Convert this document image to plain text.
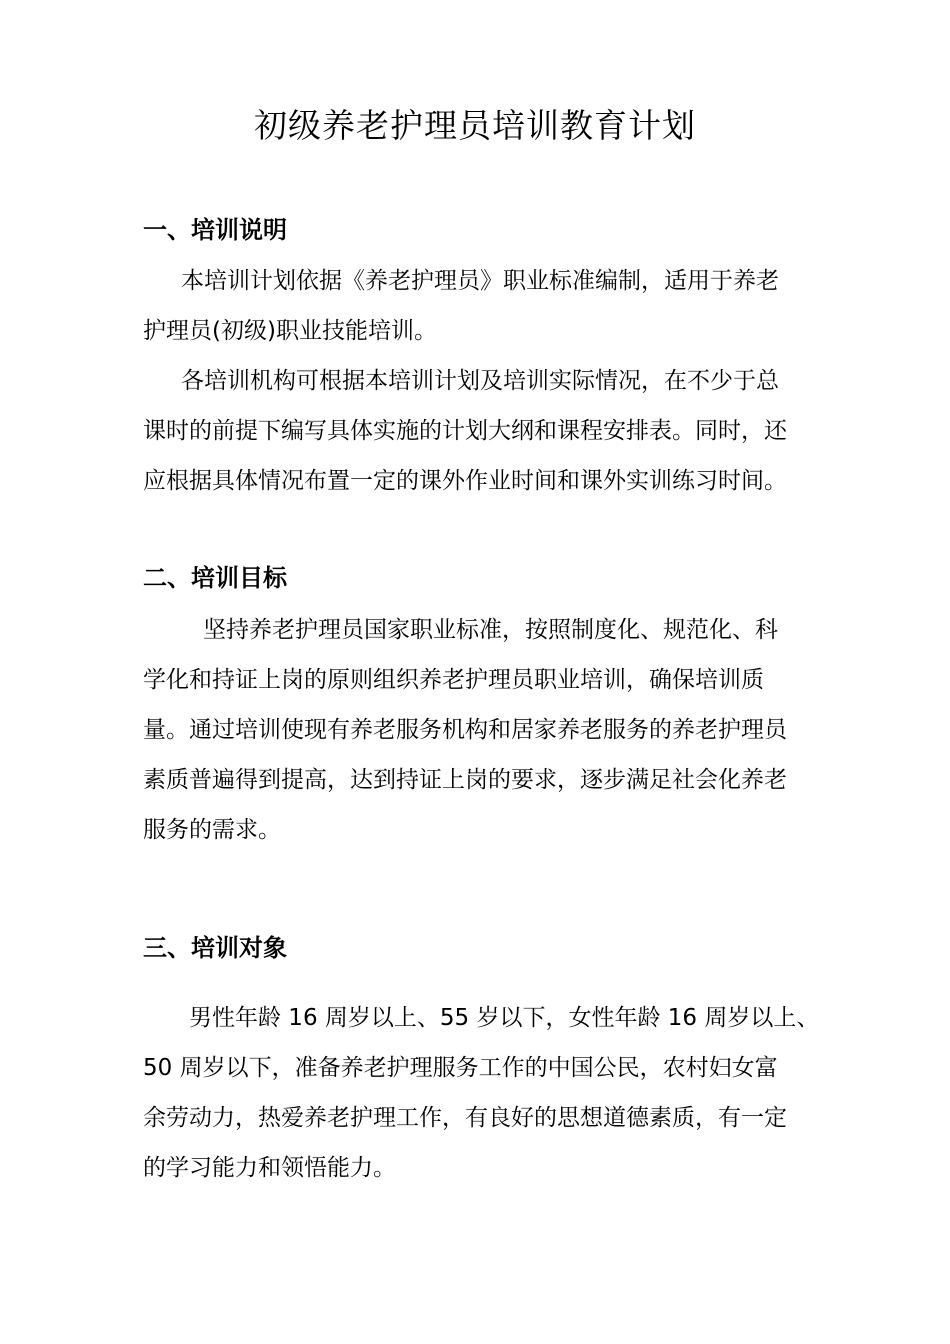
初级养老护理员培训教育计划
一、培训说明
本培训计划依据《养老护理员》职业标准编制，适用于养老
护理员(初级)职业技能培训。
各培训机构可根据本培训计划及培训实际情况，在不少于总
课时的前提下编写具体实施的计划大纲和课程安排表。同时，还
应根据具体情况布置一定的课外作业时间和课外实训练习时间。
二、培训目标
坚持养老护理员国家职业标准，按照制度化、规范化、科
学化和持证上岗的原则组织养老护理员职业培训，确保培训质
量。通过培训使现有养老服务机构和居家养老服务的养老护理员
素质普遍得到提高，达到持证上岗的要求，逐步满足社会化养老
服务的需求。
三、培训对象
男性年龄 16 周岁以上、55 岁以下，女性年龄 16 周岁以上、
50 周岁以下，准备养老护理服务工作的中国公民，农村妇女富
余劳动力，热爱养老护理工作，有良好的思想道德素质，有一定
的学习能力和领悟能力。
